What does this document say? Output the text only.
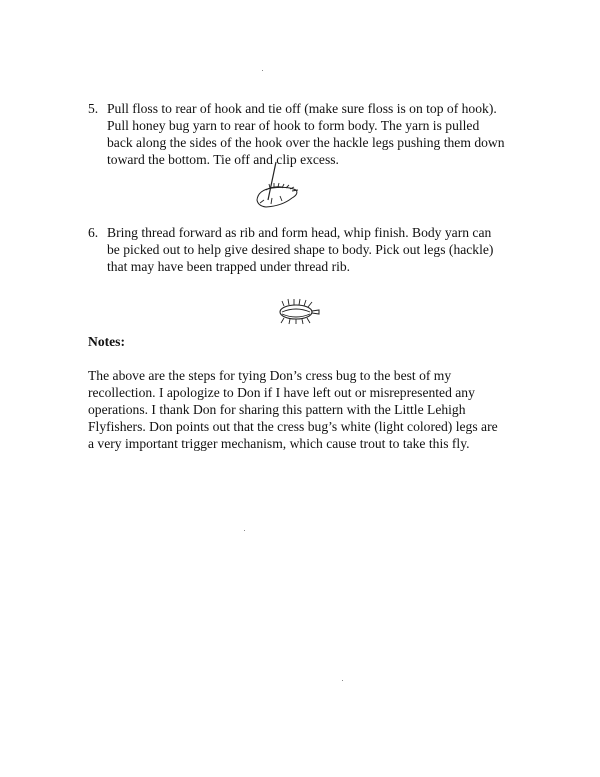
5. Pull floss to rear of hook and tie off (make sure floss is on top of hook).
Pull honey bug yarn to rear of hook to form body. The yarn is pulled
back along the sides of the hook over the hackle legs pushing them down
toward the bottom. Tie off and clip excess.
6. Bring thread forward as rib and form head, whip finish. Body yarn can
be picked out to help give desired shape to body. Pick out legs (hackle)
that may have been trapped under thread rib.
Notes:
The above are the steps for tying Don’s cress bug to the best of my
recollection. I apologize to Don if I have left out or misrepresented any
operations. I thank Don for sharing this pattern with the Little Lehigh
Flyfishers. Don points out that the cress bug’s white (light colored) legs are
a very important trigger mechanism, which cause trout to take this fly.
